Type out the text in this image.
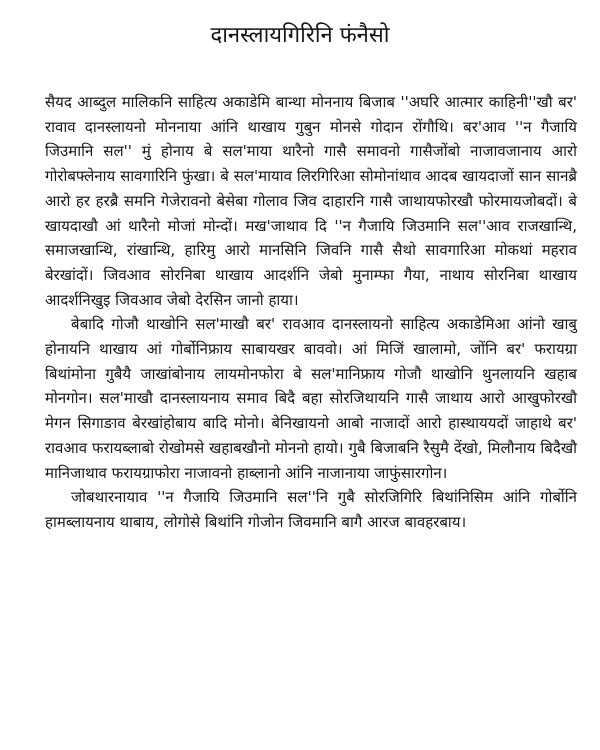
दानस्लायगिरिनि फंनैसो

सैयद आब्दुल मालिकनि साहित्य अकाडेमि बान्था मोननाय बिजाब ''अघरि आत्मार काहिनी''खौ बर' रावाव दानस्लायनो मोननाया आंनि थाखाय गुबुन मोनसे गोदान रोंगौथि। बर'आव ''न गैजायि जिउमानि सल'' मुं होनाय बे सल'माया थारैनो गासै समावनो गासैजोंबो नाजावजानाय आरो गोरोबफ्लेनाय सावगारिनि फुंखा। बे सल'मायाव लिरगिरिआ सोमोनांथाव आदब खायदाजों सान सानब्रै आरो हर हरब्रै समनि गेजेरावनो बेसेबा गोलाव जिव दाहारनि गासै जाथायफोरखौ फोरमायजोबदों। बे खायदाखौ आं थारैनो मोजां मोन्दों। मख'जाथाव दि ''न गैजायि जिउमानि सल''आव राजखान्थि, समाजखान्थि, रांखान्थि, हारिमु आरो मानसिनि जिवनि गासै सैथो सावगारिआ मोकथां महराव बेरखांदों। जिवआव सोरनिबा थाखाय आदर्शनि जेबो मुनाम्फा गैया, नाथाय सोरनिबा थाखाय आदर्शनिखुइ जिवआव जेबो देरसिन जानो हाया।

बेबादि गोजौ थाखोनि सल'माखौ बर' रावआव दानस्लायनो साहित्य अकाडेमिआ आंनो खाबु होनायनि थाखाय आं गोर्बोनिफ्राय साबायखर बाववो। आं मिजिं खालामो, जोंनि बर' फरायग्रा बिथांमोना गुबैयै जाखांबोनाय लायमोनफोरा बे सल'मानिफ्राय गोजौ थाखोनि थुनलायनि खहाब मोनगोन। सल'माखौ दानस्लायनाय समाव बिदै बहा सोरजिथायनि गासै जाथाय आरो आखुफोरखौ मेगन सिगाङाव बेरखांहोबाय बादि मोनो। बेनिखायनो आबो नाजादों आरो हास्थाययदों जाहाथे बर' रावआव फरायब्लाबो रोखोमसे खहाबखौनो मोननो हायो। गुबै बिजाबनि रैसुमै देंखो, मिलौनाय बिदैखौ मानिजाथाव फरायग्राफोरा नाजावनो हाब्लानो आंनि नाजानाया जाफुंसारगोन।

जोबथारनायाव ''न गैजायि जिउमानि सल''नि गुबै सोरजिगिरि बिथांनिसिम आंनि गोर्बोनि हामब्लायनाय थाबाय, लोगोसे बिथांनि गोजोन जिवमानि बागै आरज बावहरबाय।
